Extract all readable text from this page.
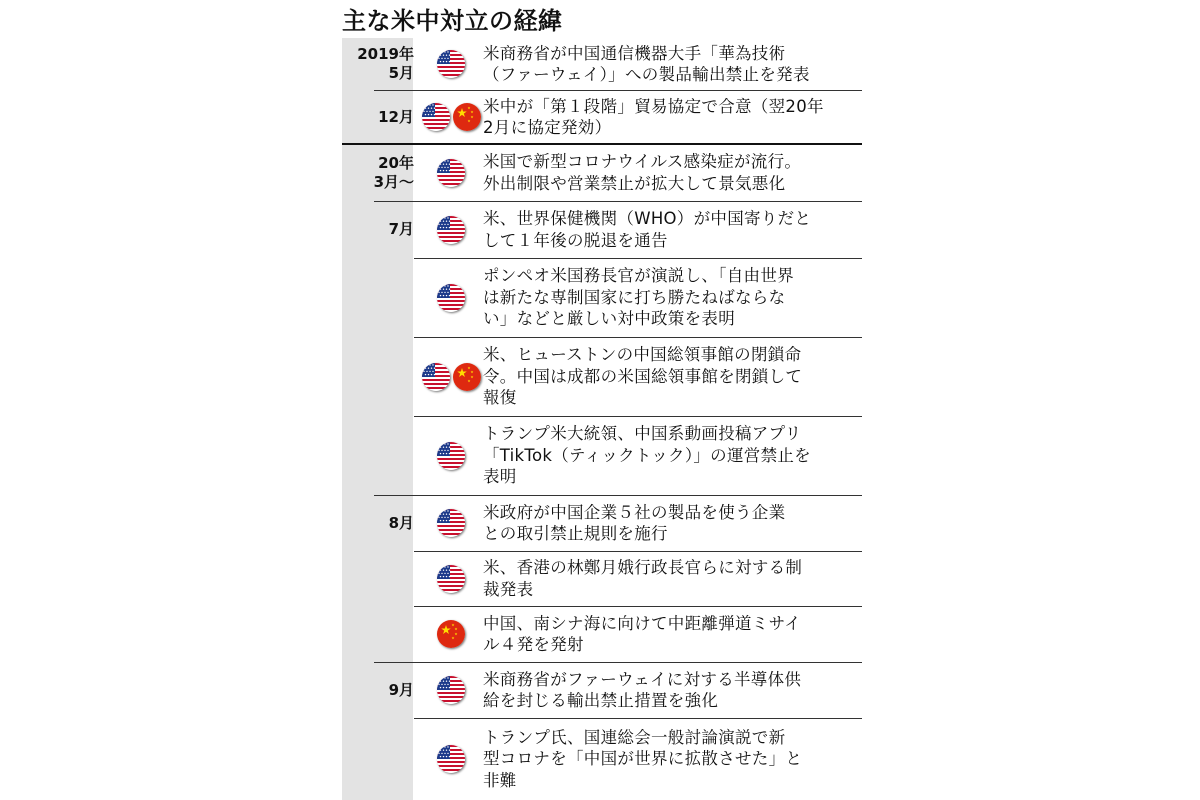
主な米中対立の経緯
2019年
5月
米商務省が中国通信機器大手「華為技術
（ファーウェイ）」への製品輸出禁止を発表
12月
米中が「第１段階」貿易協定で合意（翌20年
2月に協定発効）
20年
3月～
米国で新型コロナウイルス感染症が流行。
外出制限や営業禁止が拡大して景気悪化
7月
米、世界保健機関（WHO）が中国寄りだと
して１年後の脱退を通告
ポンペオ米国務長官が演説し、「自由世界
は新たな専制国家に打ち勝たねばならな
い」などと厳しい対中政策を表明
米、ヒューストンの中国総領事館の閉鎖命
令。中国は成都の米国総領事館を閉鎖して
報復
トランプ米大統領、中国系動画投稿アプリ
「TikTok（ティックトック）」の運営禁止を
表明
8月
米政府が中国企業５社の製品を使う企業
との取引禁止規則を施行
米、香港の林鄭月娥行政長官らに対する制
裁発表
中国、南シナ海に向けて中距離弾道ミサイ
ル４発を発射
9月
米商務省がファーウェイに対する半導体供
給を封じる輸出禁止措置を強化
トランプ氏、国連総会一般討論演説で新
型コロナを「中国が世界に拡散させた」と
非難
